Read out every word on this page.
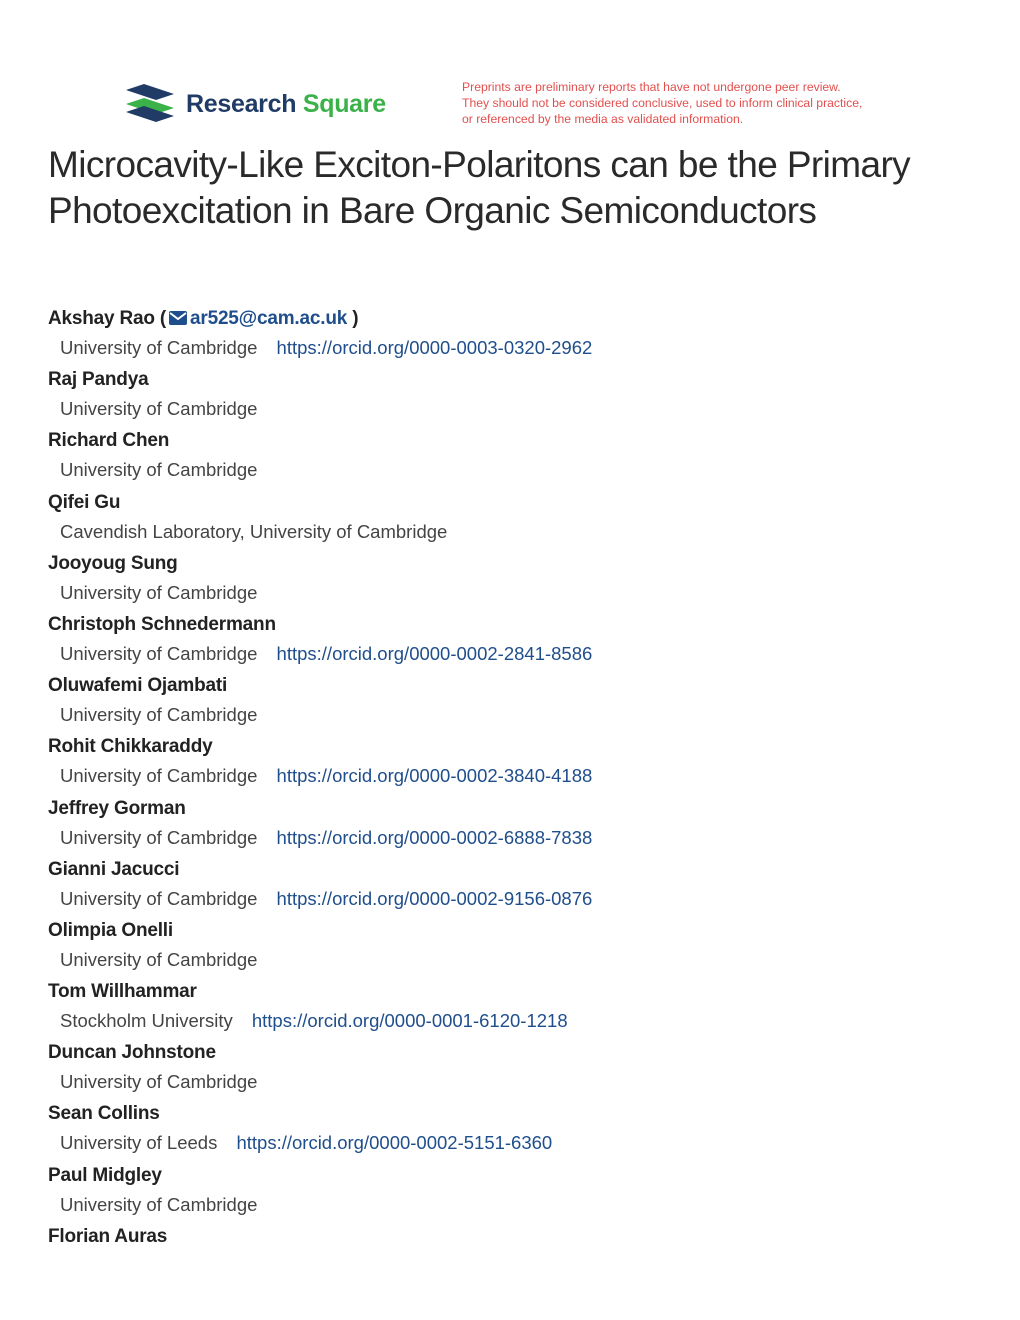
Research Square
Preprints are preliminary reports that have not undergone peer review.
They should not be considered conclusive, used to inform clinical practice,
or referenced by the media as validated information.
Microcavity-Like Exciton-Polaritons can be the Primary Photoexcitation in Bare Organic Semiconductors
Akshay Rao ( ar525@cam.ac.uk )
University of Cambridge https://orcid.org/0000-0003-0320-2962
Raj Pandya
University of Cambridge
Richard Chen
University of Cambridge
Qifei Gu
Cavendish Laboratory, University of Cambridge
Jooyoug Sung
University of Cambridge
Christoph Schnedermann
University of Cambridge https://orcid.org/0000-0002-2841-8586
Oluwafemi Ojambati
University of Cambridge
Rohit Chikkaraddy
University of Cambridge https://orcid.org/0000-0002-3840-4188
Jeffrey Gorman
University of Cambridge https://orcid.org/0000-0002-6888-7838
Gianni Jacucci
University of Cambridge https://orcid.org/0000-0002-9156-0876
Olimpia Onelli
University of Cambridge
Tom Willhammar
Stockholm University https://orcid.org/0000-0001-6120-1218
Duncan Johnstone
University of Cambridge
Sean Collins
University of Leeds https://orcid.org/0000-0002-5151-6360
Paul Midgley
University of Cambridge
Florian Auras
